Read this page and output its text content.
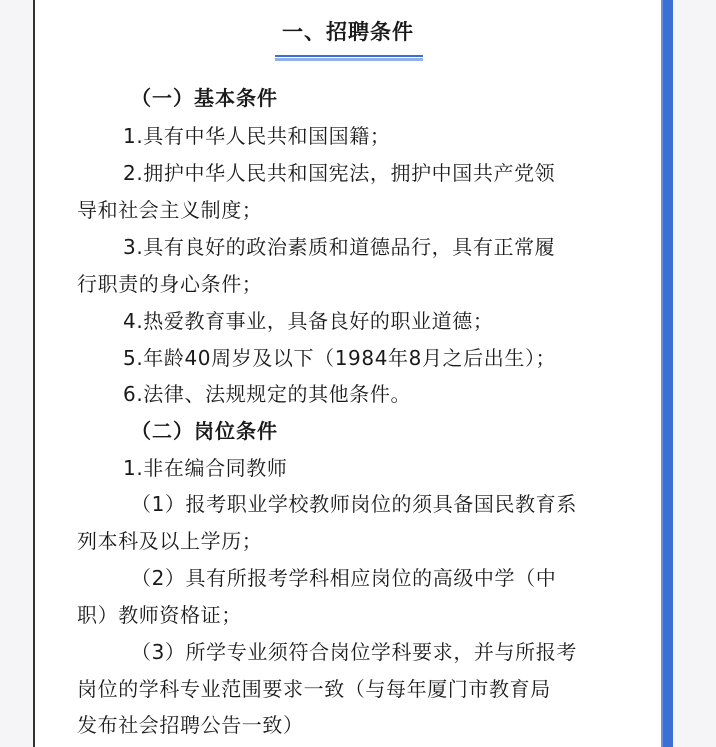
一、招聘条件
（一）基本条件
1.具有中华人民共和国国籍；
2.拥护中华人民共和国宪法，拥护中国共产党领
导和社会主义制度；
3.具有良好的政治素质和道德品行，具有正常履
行职责的身心条件；
4.热爱教育事业，具备良好的职业道德；
5.年龄40周岁及以下（1984年8月之后出生）；
6.法律、法规规定的其他条件。
（二）岗位条件
1.非在编合同教师
（1）报考职业学校教师岗位的须具备国民教育系
列本科及以上学历；
（2）具有所报考学科相应岗位的高级中学（中
职）教师资格证；
（3）所学专业须符合岗位学科要求，并与所报考
岗位的学科专业范围要求一致（与每年厦门市教育局
发布社会招聘公告一致）
